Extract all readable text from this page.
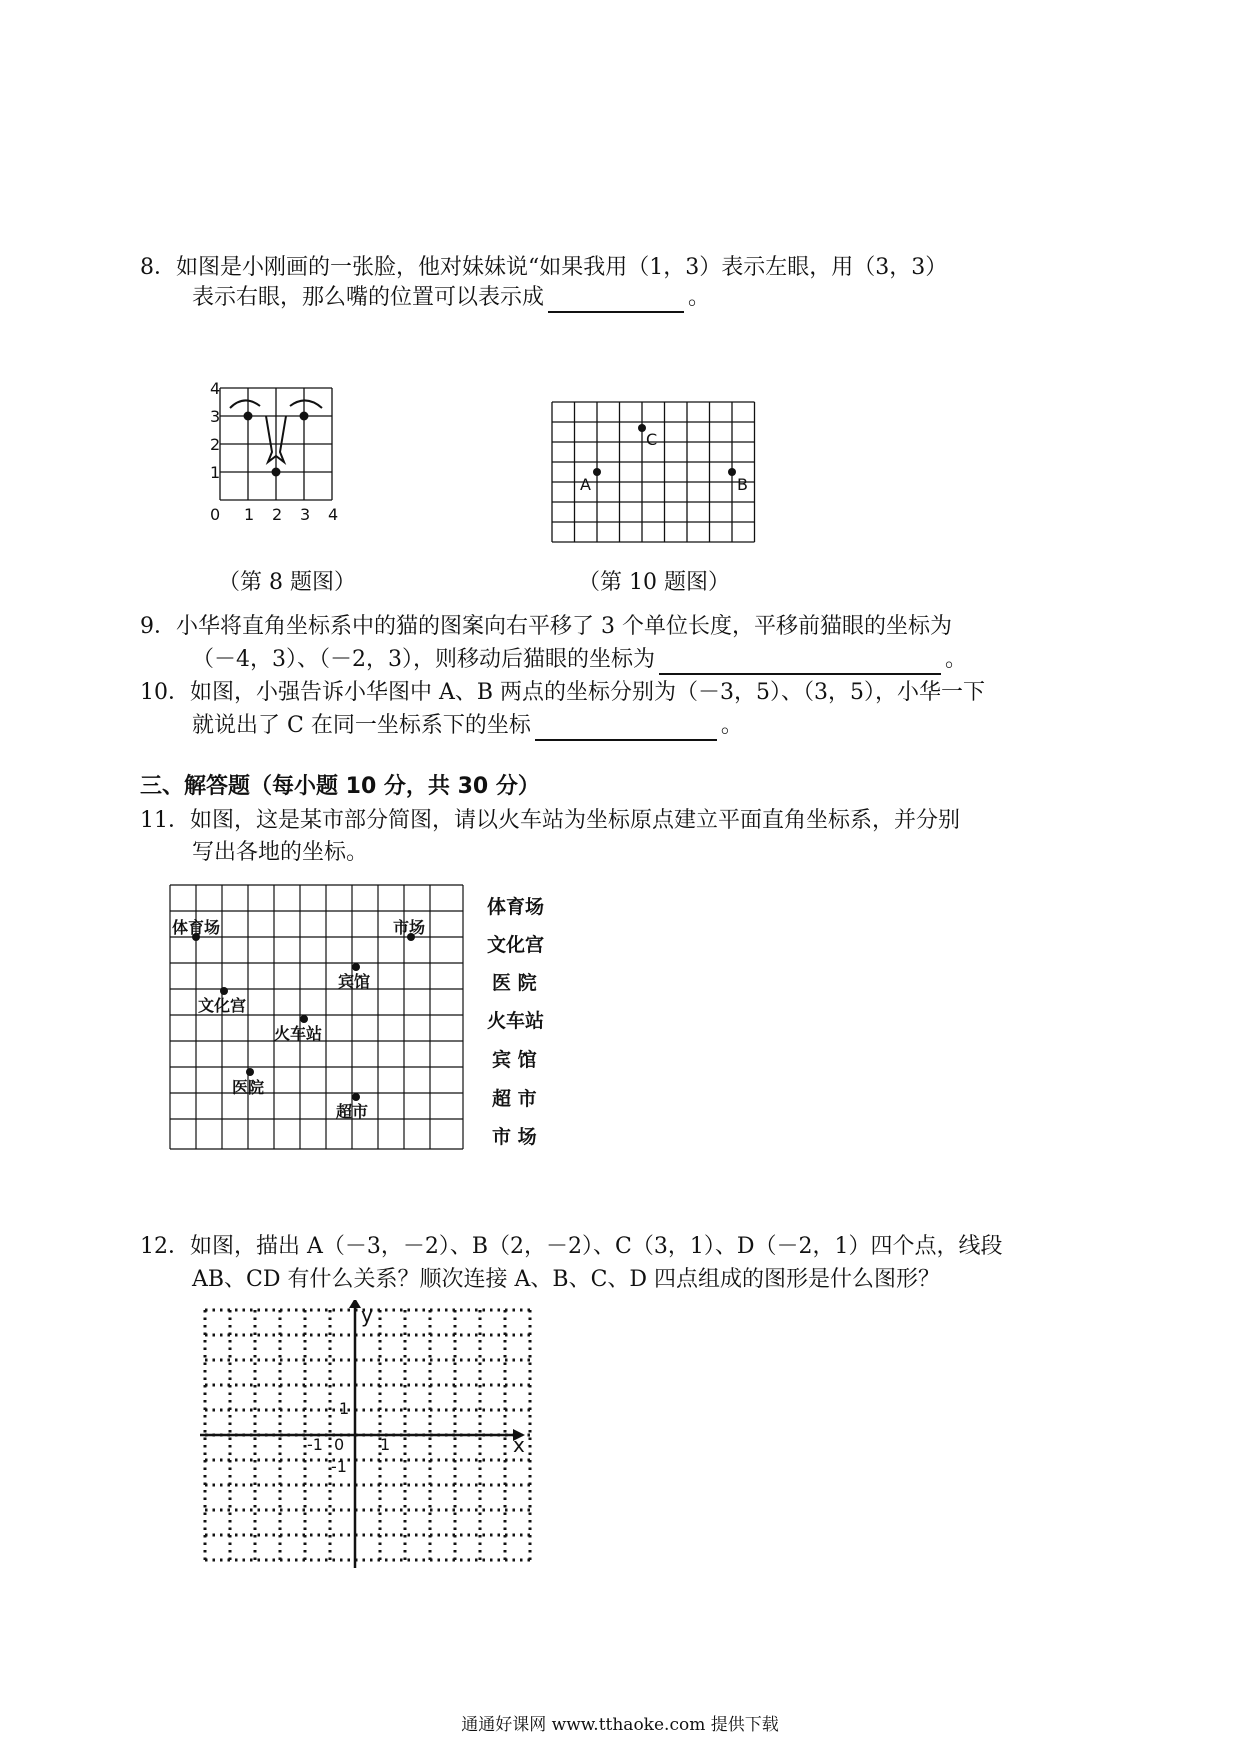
8．如图是小刚画的一张脸，他对妹妹说“如果我用（1，3）表示左眼，用（3，3）
表示右眼，那么嘴的位置可以表示成	。
4
3
2
1
0 1 2 3 4
（第 8 题图）
C
A	B
（第 10 题图）
9．小华将直角坐标系中的猫的图案向右平移了 3 个单位长度，平移前猫眼的坐标为
（－4，3）、（－2，3），则移动后猫眼的坐标为	。
10．如图，小强告诉小华图中 A、B 两点的坐标分别为（－3，5）、（3，5），小华一下
就说出了 C 在同一坐标系下的坐标	。
三、解答题（每小题 10 分，共 30 分）
11．如图，这是某市部分简图，请以火车站为坐标原点建立平面直角坐标系，并分别
写出各地的坐标。
体育场	市场
宾馆
文化宫
火车站
医院
超市
体育场
文化宫
医 院
火车站
宾 馆
超 市
市 场
12．如图，描出 A（－3，－2）、B（2，－2）、C（3，1）、D（－2，1）四个点，线段
AB、CD 有什么关系？顺次连接 A、B、C、D 四点组成的图形是什么图形？
x
y
1
-1 0 1
-1
通通好课网 www.tthaoke.com 提供下载
